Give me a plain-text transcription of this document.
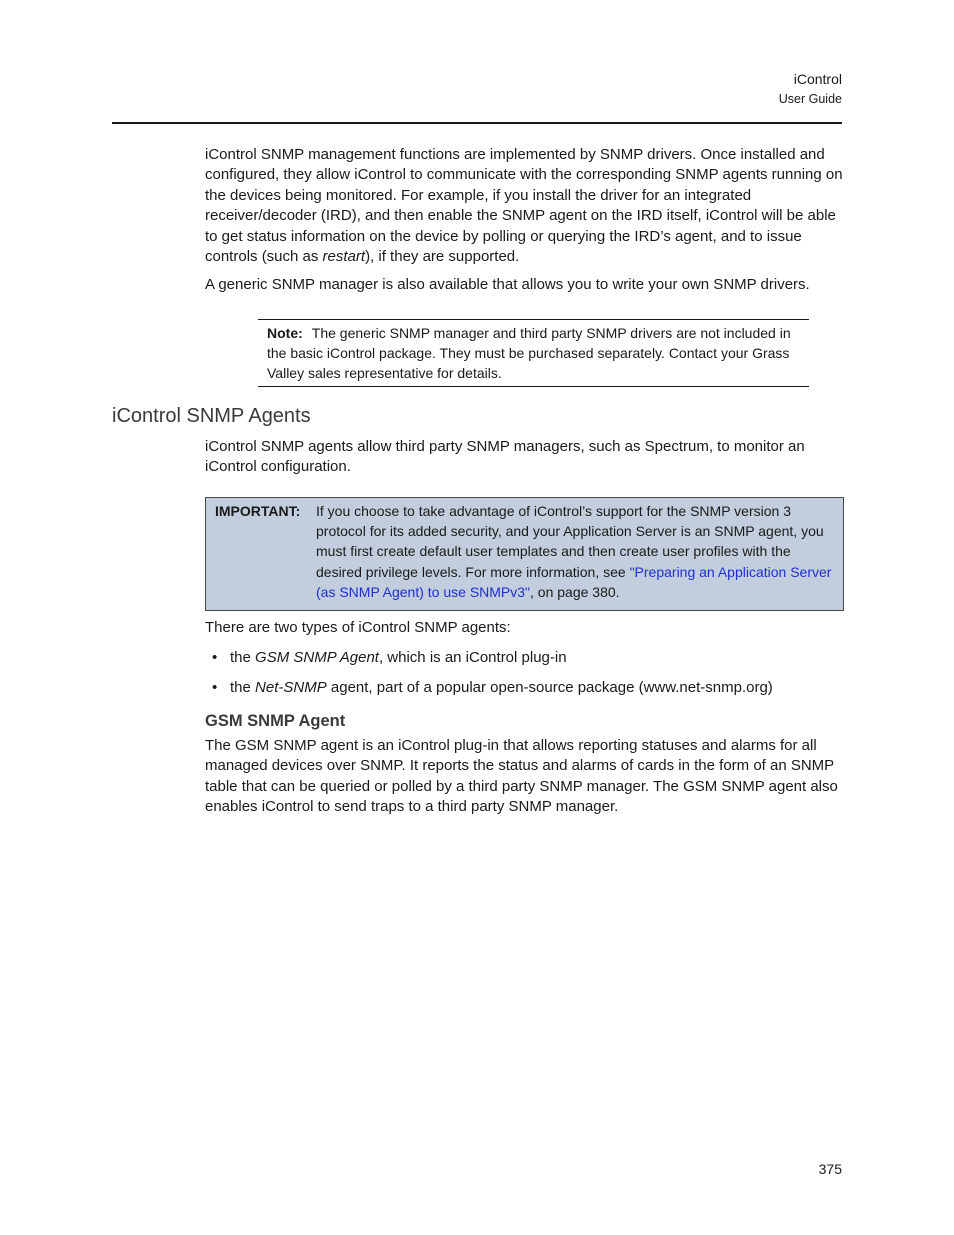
iControl
User Guide

iControl SNMP management functions are implemented by SNMP drivers. Once installed and configured, they allow iControl to communicate with the corresponding SNMP agents running on the devices being monitored. For example, if you install the driver for an integrated receiver/decoder (IRD), and then enable the SNMP agent on the IRD itself, iControl will be able to get status information on the device by polling or querying the IRD’s agent, and to issue controls (such as restart), if they are supported.

A generic SNMP manager is also available that allows you to write your own SNMP drivers.

Note: The generic SNMP manager and third party SNMP drivers are not included in the basic iControl package. They must be purchased separately. Contact your Grass Valley sales representative for details.

iControl SNMP Agents

iControl SNMP agents allow third party SNMP managers, such as Spectrum, to monitor an iControl configuration.

IMPORTANT: If you choose to take advantage of iControl’s support for the SNMP version 3 protocol for its added security, and your Application Server is an SNMP agent, you must first create default user templates and then create user profiles with the desired privilege levels. For more information, see "Preparing an Application Server (as SNMP Agent) to use SNMPv3", on page 380.

There are two types of iControl SNMP agents:

• the GSM SNMP Agent, which is an iControl plug-in

• the Net-SNMP agent, part of a popular open-source package (www.net-snmp.org)

GSM SNMP Agent

The GSM SNMP agent is an iControl plug-in that allows reporting statuses and alarms for all managed devices over SNMP. It reports the status and alarms of cards in the form of an SNMP table that can be queried or polled by a third party SNMP manager. The GSM SNMP agent also enables iControl to send traps to a third party SNMP manager.

375
